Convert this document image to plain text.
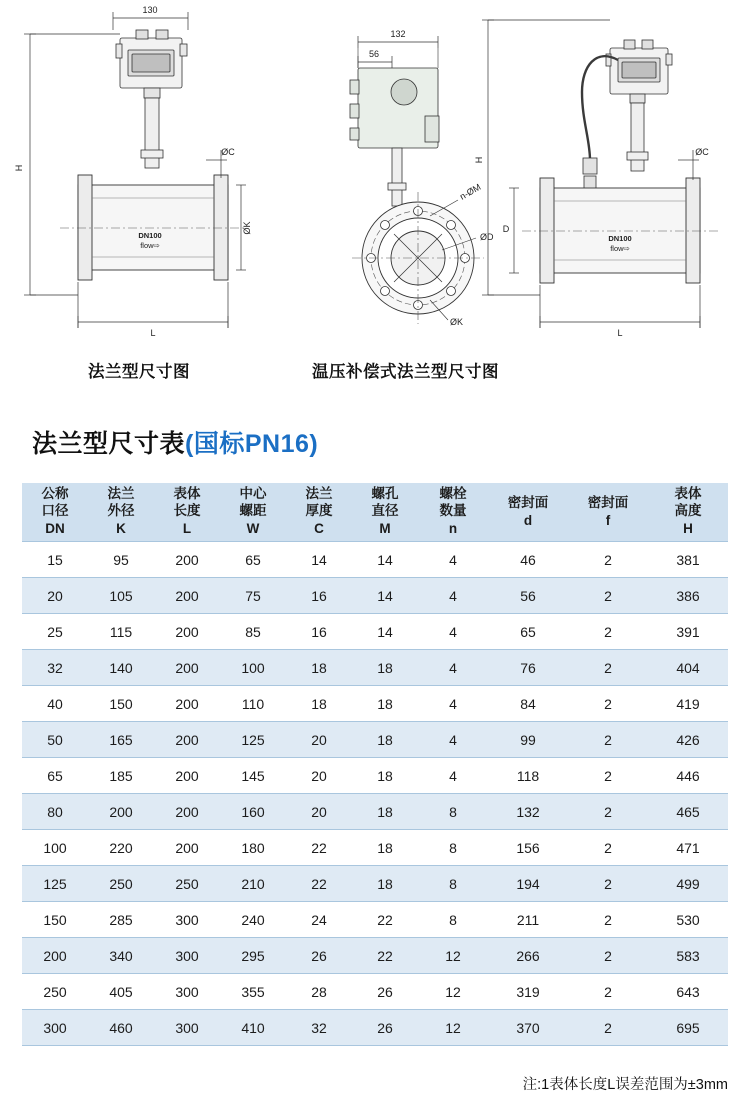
130
DN100
flow⇨
H
ØC
ØK
L
132
56
n-ØM
ØD
ØK
DN100
flow⇨
H
D
ØC
L
法兰型尺寸图	温压补偿式法兰型尺寸图
法兰型尺寸表(国标PN16)
公称
口径
DN	法兰
外径
K	表体
长度
L	中心
螺距
W	法兰
厚度
C	螺孔
直径
M	螺栓
数量
n	密封面
d	密封面
f	表体
高度
H

15	95	200	65	14	14	4	46	2	381
20	105	200	75	16	14	4	56	2	386
25	115	200	85	16	14	4	65	2	391
32	140	200	100	18	18	4	76	2	404
40	150	200	110	18	18	4	84	2	419
50	165	200	125	20	18	4	99	2	426
65	185	200	145	20	18	4	118	2	446
80	200	200	160	20	18	8	132	2	465
100	220	200	180	22	18	8	156	2	471
125	250	250	210	22	18	8	194	2	499
150	285	300	240	24	22	8	211	2	530
200	340	300	295	26	22	12	266	2	583
250	405	300	355	28	26	12	319	2	643
300	460	300	410	32	26	12	370	2	695
注:1表体长度L误差范围为±3mm
